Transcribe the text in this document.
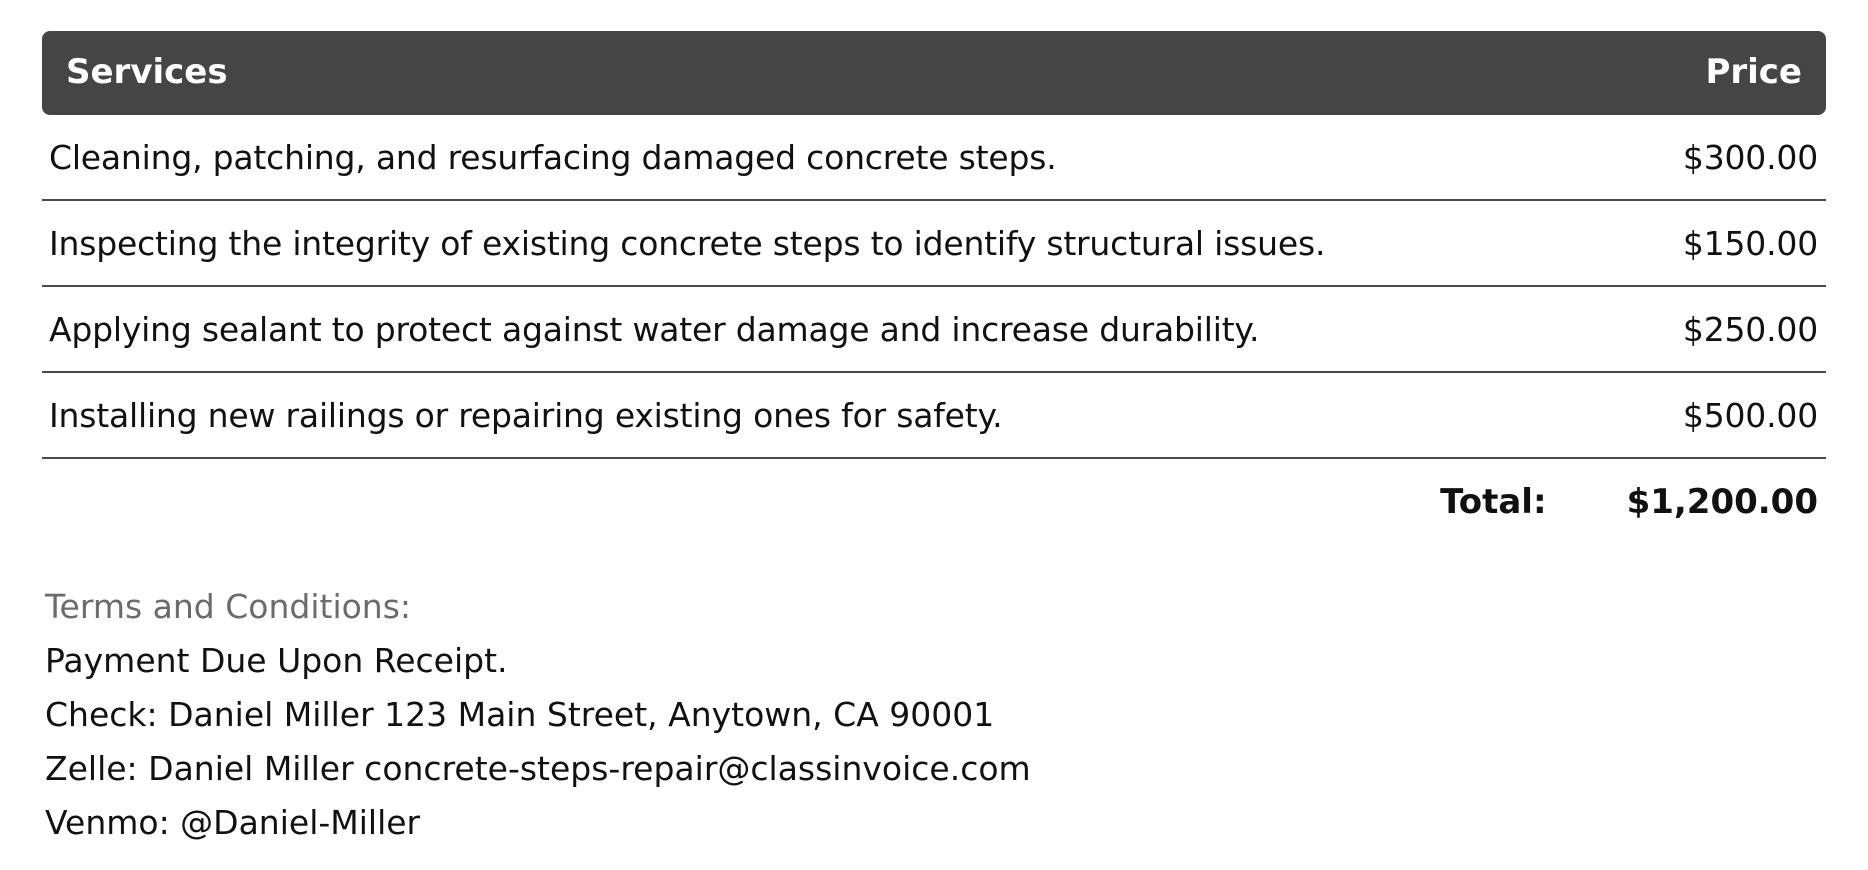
Services	Price
Cleaning, patching, and resurfacing damaged concrete steps.	$300.00
Inspecting the integrity of existing concrete steps to identify structural issues.	$150.00
Applying sealant to protect against water damage and increase durability.	$250.00
Installing new railings or repairing existing ones for safety.	$500.00
Total: $1,200.00
Terms and Conditions:
Payment Due Upon Receipt.
Check: Daniel Miller 123 Main Street, Anytown, CA 90001
Zelle: Daniel Miller concrete-steps-repair@classinvoice.com
Venmo: @Daniel-Miller
